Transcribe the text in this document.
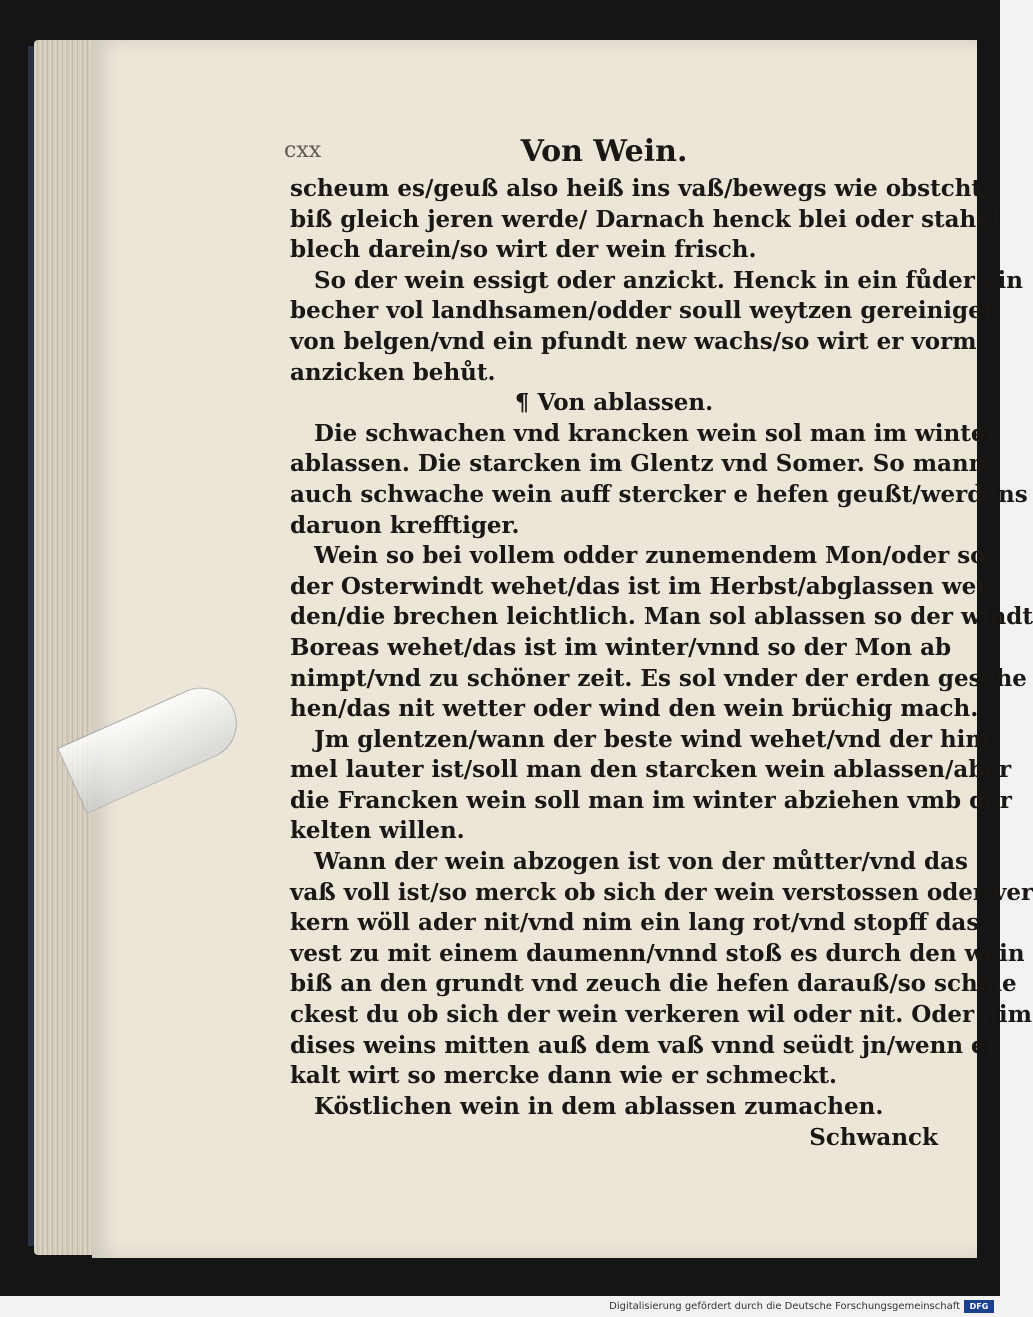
cxx	Von Wein.
scheum es/geuß also heiß ins vaß/bewegs wie obstcht/
biß gleich jeren werde/ Darnach henck blei oder stahel
blech darein/so wirt der wein frisch.
So der wein essigt oder anzickt. Henck in ein fůder ein
becher vol landhsamen/odder soull weytzen gereiniget
von belgen/vnd ein pfundt new wachs/so wirt er vorm
anzicken behůt.
¶ Von ablassen.
Die schwachen vnd krancken wein sol man im winter
ablassen. Die starcken im Glentz vnd Somer. So mann
auch schwache wein auff stercker e hefen geußt/werdens
daruon krefftiger.
Wein so bei vollem odder zunemendem Mon/oder so
der Osterwindt wehet/das ist im Herbst/abglassen wer
den/die brechen leichtlich. Man sol ablassen so der windt
Boreas wehet/das ist im winter/vnnd so der Mon ab
nimpt/vnd zu schöner zeit. Es sol vnder der erden gesche
hen/das nit wetter oder wind den wein brüchig mach.
Jm glentzen/wann der beste wind wehet/vnd der him
mel lauter ist/soll man den starcken wein ablassen/aber
die Francken wein soll man im winter abziehen vmb der
kelten willen.
Wann der wein abzogen ist von der můtter/vnd das
vaß voll ist/so merck ob sich der wein verstossen oder ver
kern wöll ader nit/vnd nim ein lang rot/vnd stopff das
vest zu mit einem daumenn/vnnd stoß es durch den wein
biß an den grundt vnd zeuch die hefen darauß/so schme
ckest du ob sich der wein verkeren wil oder nit. Oder nim
dises weins mitten auß dem vaß vnnd seüdt jn/wenn er
kalt wirt so mercke dann wie er schmeckt.
Köstlichen wein in dem ablassen zumachen.
Schwanck
Digitalisierung gefördert durch die Deutsche Forschungsgemeinschaft	DFG
